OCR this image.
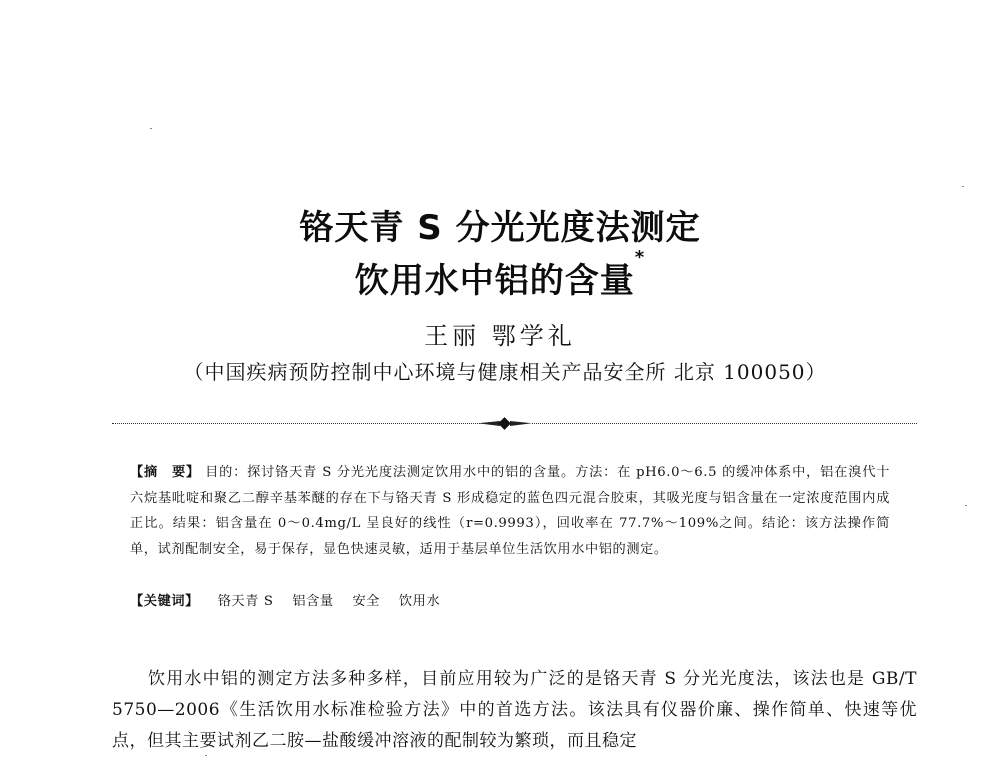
铬天青 S 分光光度法测定
饮用水中铝的含量*
王丽 鄂学礼
（中国疾病预防控制中心环境与健康相关产品安全所 北京 100050）
【摘　要】 目的：探讨铬天青 S 分光光度法测定饮用水中的铝的含量。方法：在 pH6.0～6.5 的缓冲体系中，铝在溴代十六烷基吡啶和聚乙二醇辛基苯醚的存在下与铬天青 S 形成稳定的蓝色四元混合胶束，其吸光度与铝含量在一定浓度范围内成正比。结果：铝含量在 0～0.4mg/L 呈良好的线性（r=0.9993），回收率在 77.7%～109%之间。结论：该方法操作简单，试剂配制安全，易于保存，显色快速灵敏，适用于基层单位生活饮用水中铝的测定。
【关键词】 铬天青 S 铝含量 安全 饮用水
饮用水中铝的测定方法多种多样，目前应用较为广泛的是铬天青 S 分光光度法，该法也是 GB/T 5750—2006《生活饮用水标准检验方法》中的首选方法。该法具有仪器价廉、操作简单、快速等优点，但其主要试剂乙二胺—盐酸缓冲溶液的配制较为繁琐，而且稳定
